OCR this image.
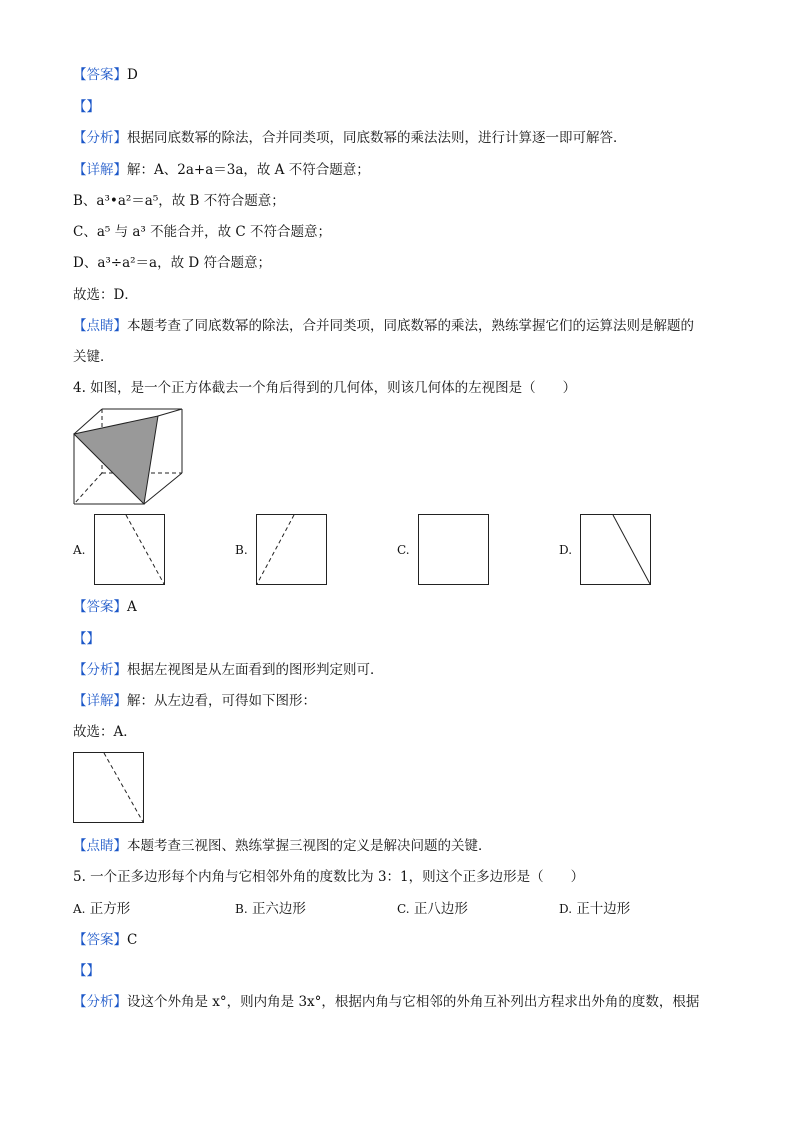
【答案】D
【】
【分析】根据同底数幂的除法，合并同类项，同底数幂的乘法法则，进行计算逐一即可解答．
【详解】解：A、2a+a＝3a，故 A 不符合题意；
B、a³•a²＝a⁵，故 B 不符合题意；
C、a⁵ 与 a³ 不能合并，故 C 不符合题意；
D、a³÷a²＝a，故 D 符合题意；
故选：D．
【点睛】本题考查了同底数幂的除法，合并同类项，同底数幂的乘法，熟练掌握它们的运算法则是解题的
关键．
4. 如图，是一个正方体截去一个角后得到的几何体，则该几何体的左视图是（　　）
A.	B.	C.	D.
【答案】A
【】
【分析】根据左视图是从左面看到的图形判定则可．
【详解】解：从左边看，可得如下图形：
故选：A．
【点睛】本题考查三视图、熟练掌握三视图的定义是解决问题的关键．
5. 一个正多边形每个内角与它相邻外角的度数比为 3：1，则这个正多边形是（　　）
A. 正方形	B. 正六边形	C. 正八边形	D. 正十边形
【答案】C
【】
【分析】设这个外角是 x°，则内角是 3x°，根据内角与它相邻的外角互补列出方程求出外角的度数，根据
